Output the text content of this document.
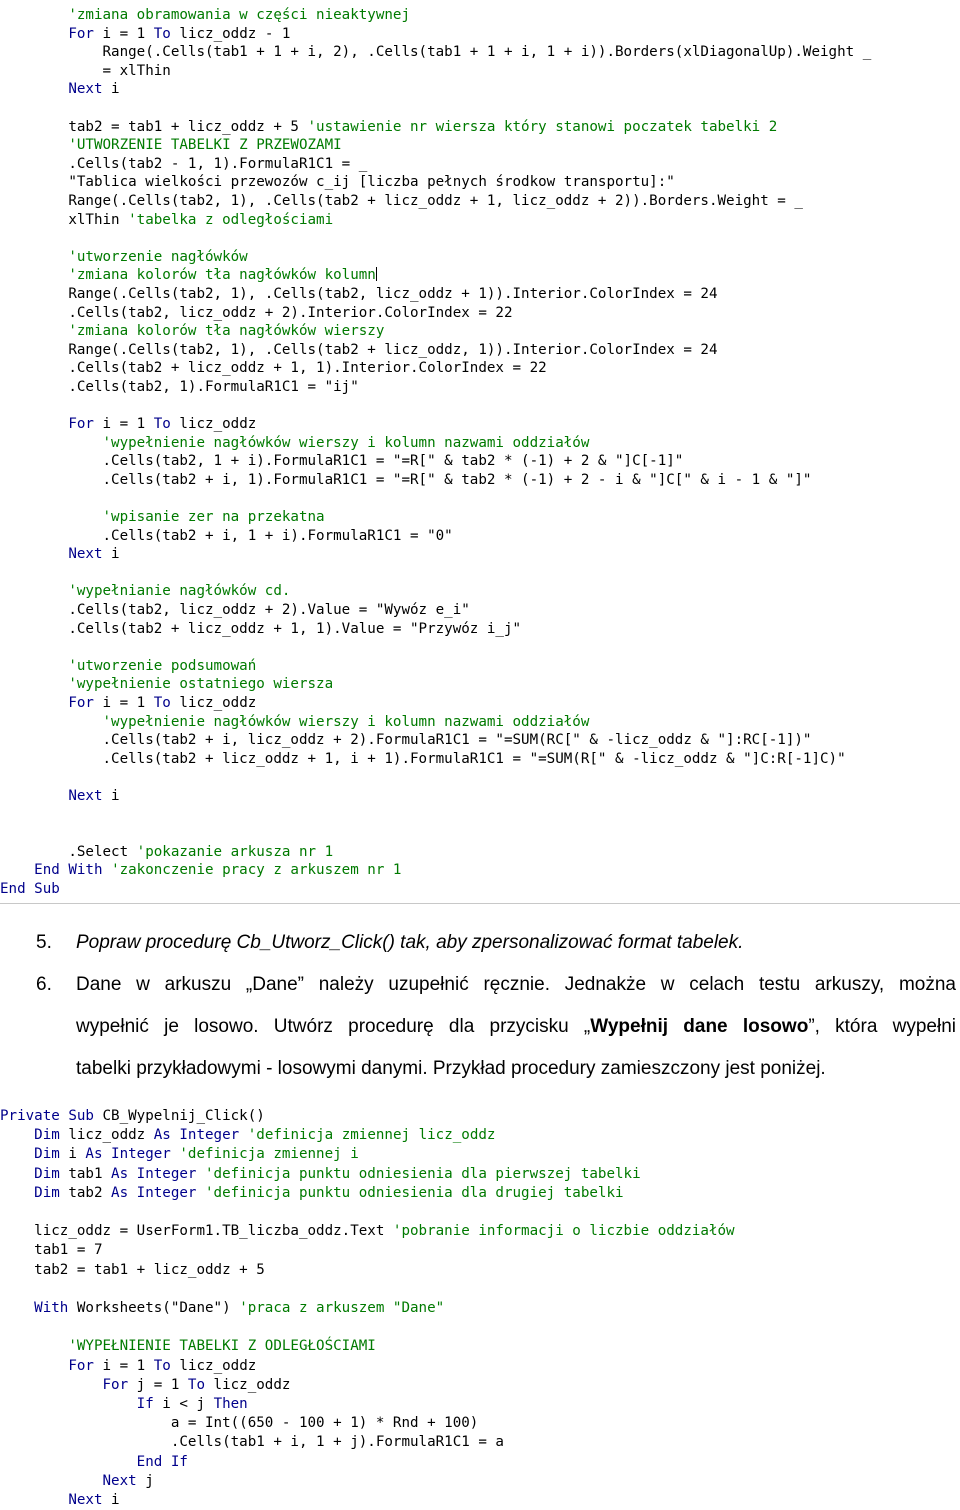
'zmiana obramowania w części nieaktywnej
For i = 1 To licz_oddz - 1
Range(.Cells(tab1 + 1 + i, 2), .Cells(tab1 + 1 + i, 1 + i)).Borders(xlDiagonalUp).Weight _
= xlThin
Next i

tab2 = tab1 + licz_oddz + 5 'ustawienie nr wiersza który stanowi poczatek tabelki 2
'UTWORZENIE TABELKI Z PRZEWOZAMI
.Cells(tab2 - 1, 1).FormulaR1C1 = _
"Tablica wielkości przewozów c_ij [liczba pełnych środkow transportu]:"
Range(.Cells(tab2, 1), .Cells(tab2 + licz_oddz + 1, licz_oddz + 2)).Borders.Weight = _
xlThin 'tabelka z odległościami

'utworzenie nagłówków
'zmiana kolorów tła nagłówków kolumn
Range(.Cells(tab2, 1), .Cells(tab2, licz_oddz + 1)).Interior.ColorIndex = 24
.Cells(tab2, licz_oddz + 2).Interior.ColorIndex = 22
'zmiana kolorów tła nagłówków wierszy
Range(.Cells(tab2, 1), .Cells(tab2 + licz_oddz, 1)).Interior.ColorIndex = 24
.Cells(tab2 + licz_oddz + 1, 1).Interior.ColorIndex = 22
.Cells(tab2, 1).FormulaR1C1 = "ij"

For i = 1 To licz_oddz
'wypełnienie nagłówków wierszy i kolumn nazwami oddziałów
.Cells(tab2, 1 + i).FormulaR1C1 = "=R[" & tab2 * (-1) + 2 & "]C[-1]"
.Cells(tab2 + i, 1).FormulaR1C1 = "=R[" & tab2 * (-1) + 2 - i & "]C[" & i - 1 & "]"

'wpisanie zer na przekatna
.Cells(tab2 + i, 1 + i).FormulaR1C1 = "0"
Next i

'wypełnianie nagłówków cd.
.Cells(tab2, licz_oddz + 2).Value = "Wywóz e_i"
.Cells(tab2 + licz_oddz + 1, 1).Value = "Przywóz i_j"

'utworzenie podsumowań
'wypełnienie ostatniego wiersza
For i = 1 To licz_oddz
'wypełnienie nagłówków wierszy i kolumn nazwami oddziałów
.Cells(tab2 + i, licz_oddz + 2).FormulaR1C1 = "=SUM(RC[" & -licz_oddz & "]:RC[-1])"
.Cells(tab2 + licz_oddz + 1, i + 1).FormulaR1C1 = "=SUM(R[" & -licz_oddz & "]C:R[-1]C)"

Next i

.Select 'pokazanie arkusza nr 1
End With 'zakonczenie pracy z arkuszem nr 1
End Sub
5. Popraw procedurę Cb_Utworz_Click() tak, aby zpersonalizować format tabelek.
6. Dane w arkuszu „Dane” należy uzupełnić ręcznie. Jednakże w celach testu arkuszy, można
wypełnić je losowo. Utwórz procedurę dla przycisku „Wypełnij dane losowo”, która wypełni
tabelki przykładowymi - losowymi danymi. Przykład procedury zamieszczony jest poniżej.
Private Sub CB_Wypelnij_Click()
Dim licz_oddz As Integer 'definicja zmiennej licz_oddz
Dim i As Integer 'definicja zmiennej i
Dim tab1 As Integer 'definicja punktu odniesienia dla pierwszej tabelki
Dim tab2 As Integer 'definicja punktu odniesienia dla drugiej tabelki

licz_oddz = UserForm1.TB_liczba_oddz.Text 'pobranie informacji o liczbie oddziałów
tab1 = 7
tab2 = tab1 + licz_oddz + 5

With Worksheets("Dane") 'praca z arkuszem "Dane"

'WYPEŁNIENIE TABELKI Z ODLEGŁOŚCIAMI
For i = 1 To licz_oddz
For j = 1 To licz_oddz
If i < j Then
a = Int((650 - 100 + 1) * Rnd + 100)
.Cells(tab1 + i, 1 + j).FormulaR1C1 = a
End If
Next j
Next i
